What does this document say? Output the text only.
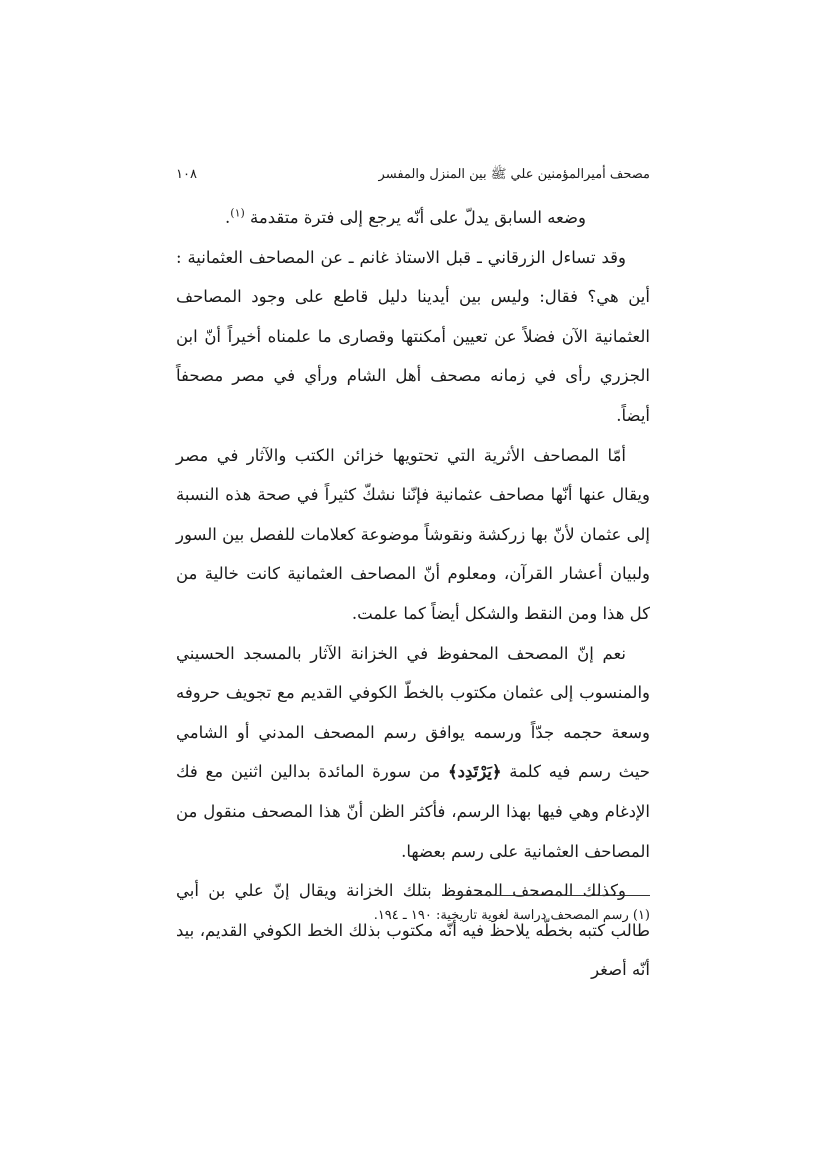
مصحف أميرالمؤمنين علي ﷺ بين المنزل والمفسر
١٠٨

وضعه السابق يدلّ على أنّه يرجع إلى فترة متقدمة $^{(١)}$.

وقد تساءل الزرقاني ـ قبل الاستاذ غانم ـ عن المصاحف العثمانية : أين هي؟ فقال: وليس بين أيدينا دليل قاطع على وجود المصاحف العثمانية الآن فضلاً عن تعيين أمكنتها وقصارى ما علمناه أخيراً أنّ ابن الجزري رأى في زمانه مصحف أهل الشام ورأي في مصر مصحفاً أيضاً.

أمّا المصاحف الأثرية التي تحتويها خزائن الكتب والآثار في مصر ويقال عنها أنّها مصاحف عثمانية فإنّنا نشكّ كثيراً في صحة هذه النسبة إلى عثمان لأنّ بها زركشة ونقوشاً موضوعة كعلامات للفصل بين السور ولبيان أعشار القرآن، ومعلوم أنّ المصاحف العثمانية كانت خالية من كل هذا ومن النقط والشكل أيضاً كما علمت.

نعم إنّ المصحف المحفوظ في الخزانة الآثار بالمسجد الحسيني والمنسوب إلى عثمان مكتوب بالخطّ الكوفي القديم مع تجويف حروفه وسعة حجمه جدّاً ورسمه يوافق رسم المصحف المدني أو الشامي حيث رسم فيه كلمة ﴿يَرْتَدِد﴾ من سورة المائدة بدالين اثنين مع فك الإدغام وهي فيها بهذا الرسم، فأكثر الظن أنّ هذا المصحف منقول من المصاحف العثمانية على رسم بعضها.

وكذلك المصحف المحفوظ بتلك الخزانة ويقال إنّ علي بن أبي طالب كتبه بخطّه يلاحظ فيه أنّه مكتوب بذلك الخط الكوفي القديم، بيد أنّه أصغر

(١) رسم المصحف دراسة لغوية تاريخية: ١٩٠ ـ ١٩٤.
